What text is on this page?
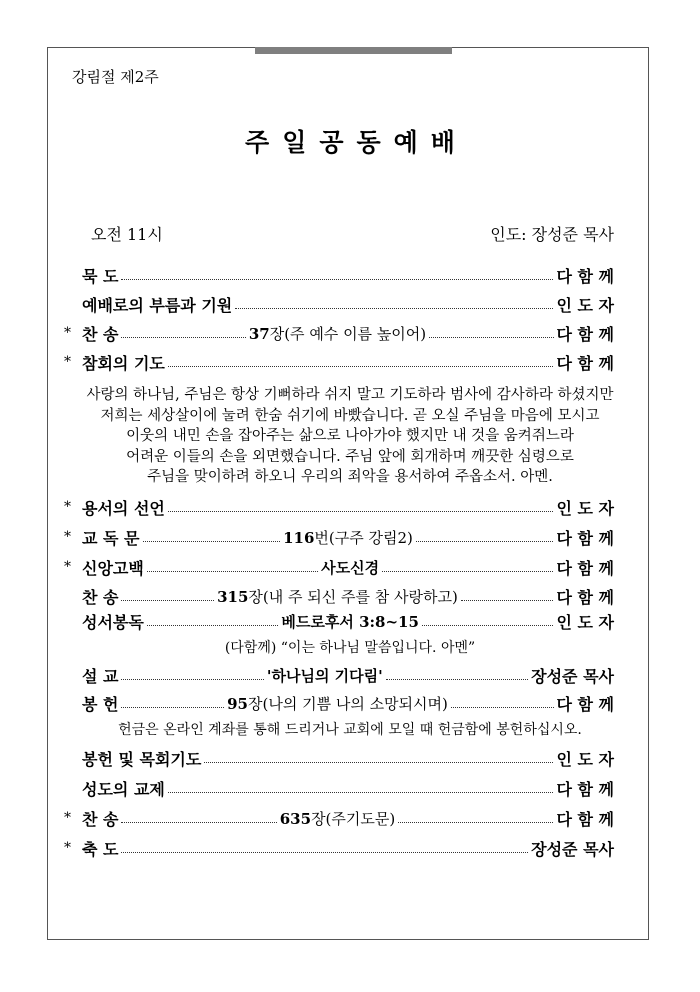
강림절 제2주
주일공동예배
오전 11시	인도: 장성준 목사
묵 도	다 함 께
예배로의 부름과 기원	인 도 자
* 찬 송	37장(주 예수 이름 높이어)	다 함 께
* 참회의 기도	다 함 께
사랑의 하나님, 주님은 항상 기뻐하라 쉬지 말고 기도하라 범사에 감사하라 하셨지만
저희는 세상살이에 눌려 한숨 쉬기에 바빴습니다. 곧 오실 주님을 마음에 모시고
이웃의 내민 손을 잡아주는 삶으로 나아가야 했지만 내 것을 움켜쥐느라
어려운 이들의 손을 외면했습니다. 주님 앞에 회개하며 깨끗한 심령으로
주님을 맞이하려 하오니 우리의 죄악을 용서하여 주옵소서. 아멘.
* 용서의 선언	인 도 자
* 교 독 문	116번(구주 강림2)	다 함 께
* 신앙고백	사도신경	다 함 께
찬 송	315장(내 주 되신 주를 참 사랑하고)	다 함 께
성서봉독	베드로후서 3:8~15	인 도 자
(다함께) “이는 하나님 말씀입니다. 아멘”
설 교	'하나님의 기다림'	장성준 목사
봉 헌	95장(나의 기쁨 나의 소망되시며)	다 함 께
헌금은 온라인 계좌를 통해 드리거나 교회에 모일 때 헌금함에 봉헌하십시오.
봉헌 및 목회기도	인 도 자
성도의 교제	다 함 께
* 찬 송	635장(주기도문)	다 함 께
* 축 도	장성준 목사
